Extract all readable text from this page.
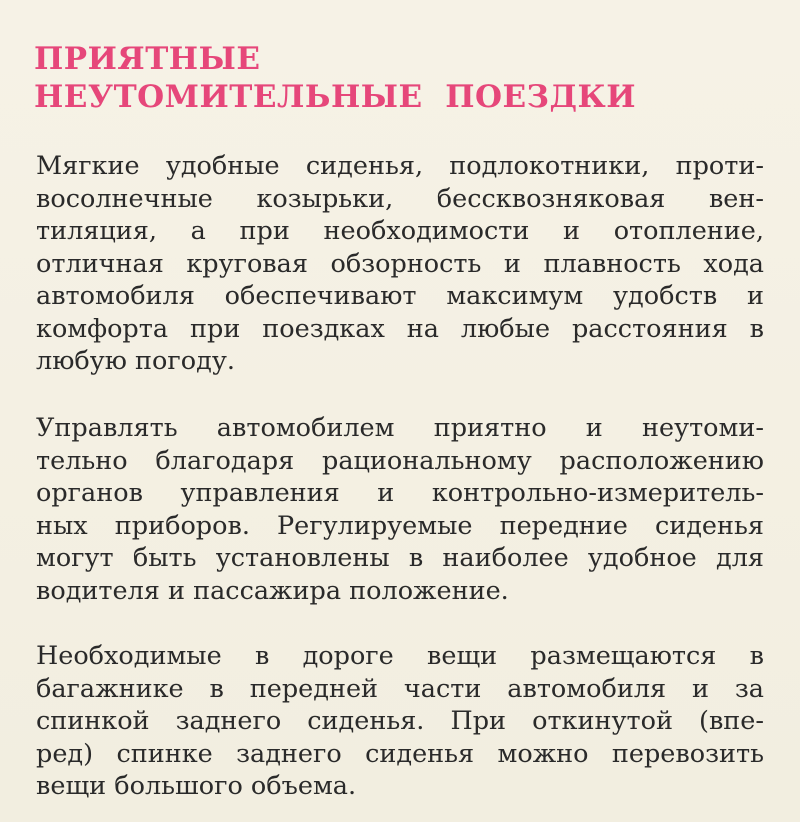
ПРИЯТНЫЕ
НЕУТОМИТЕЛЬНЫЕ  ПОЕЗДКИ
Мягкие удобные сиденья, подлокотники, проти-
восолнечные козырьки, бессквозняковая вен-
тиляция, а при необходимости и отопление,
отличная круговая обзорность и плавность хода
автомобиля обеспечивают максимум удобств и
комфорта при поездках на любые расстояния в
любую погоду.
Управлять автомобилем приятно и неутоми-
тельно благодаря рациональному расположению
органов управления и контрольно-измеритель-
ных приборов. Регулируемые передние сиденья
могут быть установлены в наиболее удобное для
водителя и пассажира положение.
Необходимые в дороге вещи размещаются в
багажнике в передней части автомобиля и за
спинкой заднего сиденья. При откинутой (впе-
ред) спинке заднего сиденья можно перевозить
вещи большого объема.
